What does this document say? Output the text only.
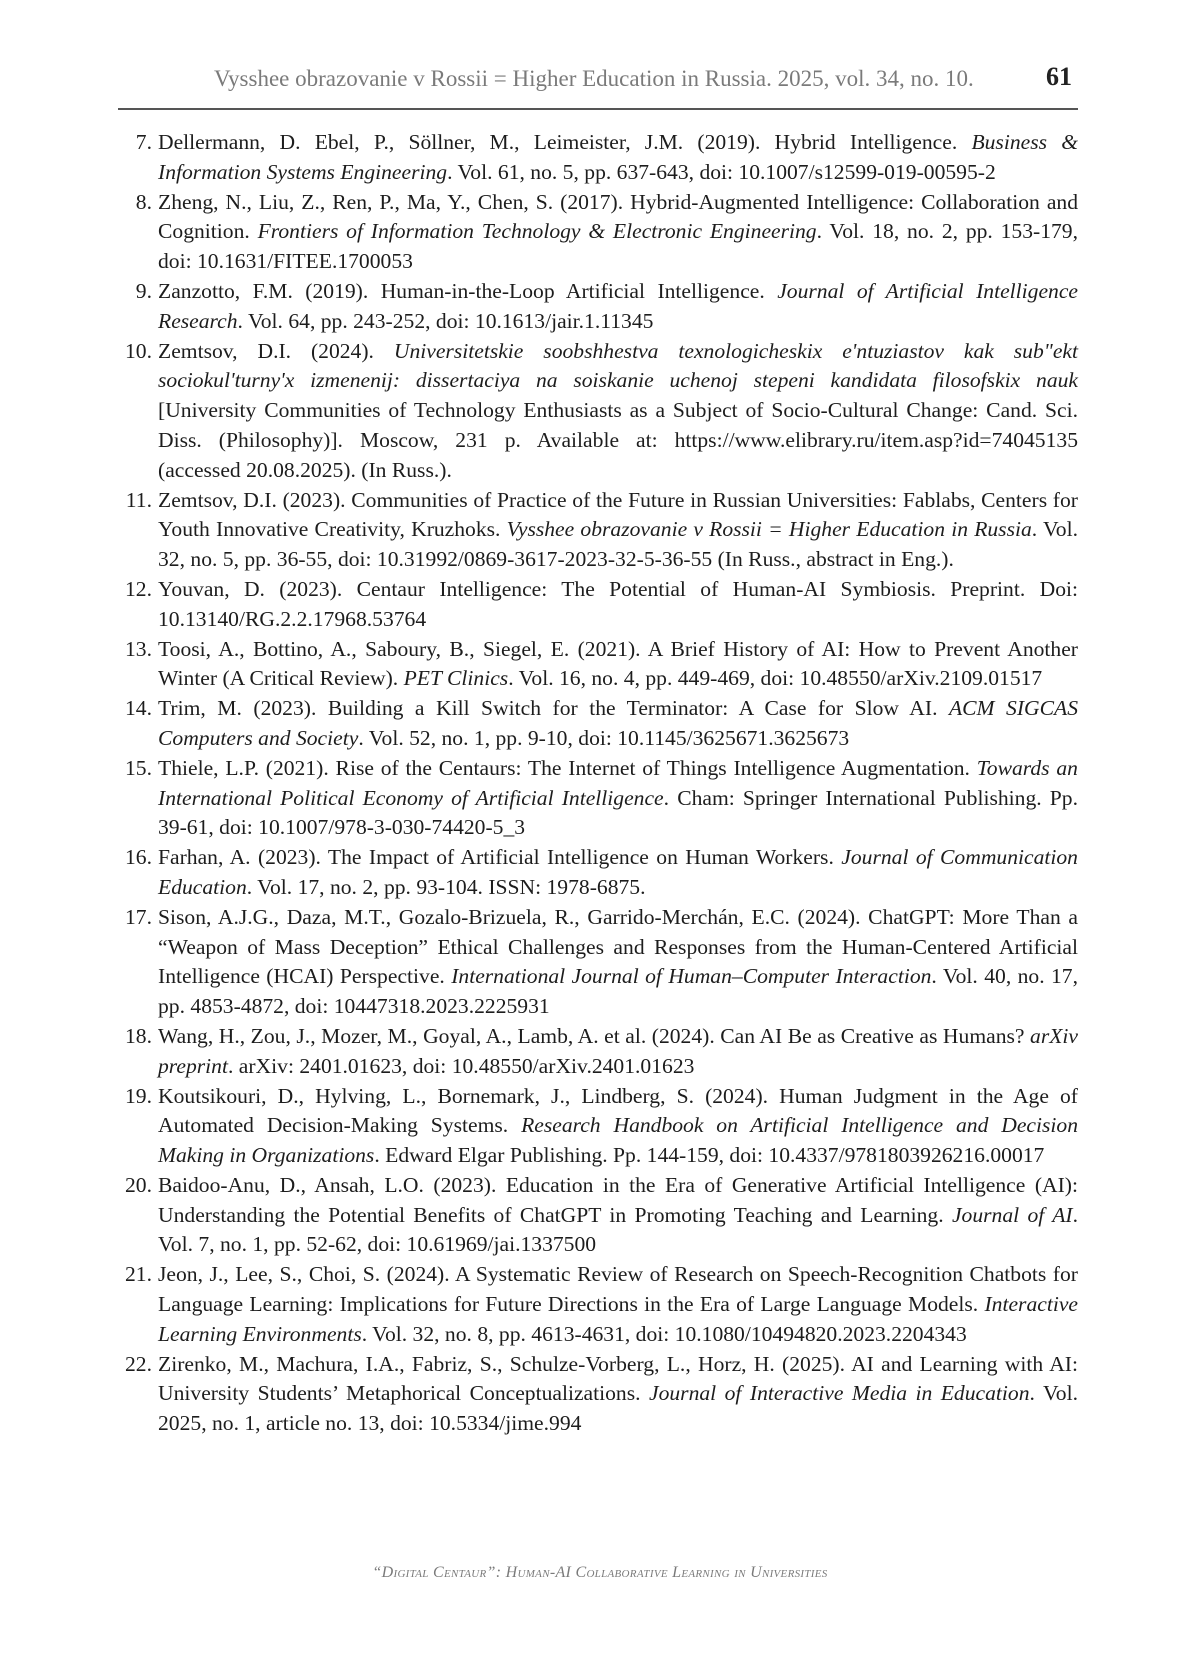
Vysshee obrazovanie v Rossii = Higher Education in Russia. 2025, vol. 34, no. 10.	61
7. Dellermann, D. Ebel, P., Söllner, M., Leimeister, J.M. (2019). Hybrid Intelligence. Business & Information Systems Engineering. Vol. 61, no. 5, pp. 637-643, doi: 10.1007/s12599-019-00595-2
8. Zheng, N., Liu, Z., Ren, P., Ma, Y., Chen, S. (2017). Hybrid-Augmented Intelligence: Collaboration and Cognition. Frontiers of Information Technology & Electronic Engineering. Vol. 18, no. 2, pp. 153-179, doi: 10.1631/FITEE.1700053
9. Zanzotto, F.M. (2019). Human-in-the-Loop Artificial Intelligence. Journal of Artificial Intelligence Research. Vol. 64, pp. 243-252, doi: 10.1613/jair.1.11345
10. Zemtsov, D.I. (2024). Universitetskie soobshhestva texnologicheskix e'ntuziastov kak sub"ekt sociokul'turny'x izmenenij: dissertaciya na soiskanie uchenoj stepeni kandidata filosofskix nauk [University Communities of Technology Enthusiasts as a Subject of Socio-Cultural Change: Cand. Sci. Diss. (Philosophy)]. Moscow, 231 p. Available at: https://www.elibrary.ru/item.asp?id=74045135 (accessed 20.08.2025). (In Russ.).
11. Zemtsov, D.I. (2023). Communities of Practice of the Future in Russian Universities: Fablabs, Centers for Youth Innovative Creativity, Kruzhoks. Vysshee obrazovanie v Rossii = Higher Education in Russia. Vol. 32, no. 5, pp. 36-55, doi: 10.31992/0869-3617-2023-32-5-36-55 (In Russ., abstract in Eng.).
12. Youvan, D. (2023). Centaur Intelligence: The Potential of Human-AI Symbiosis. Preprint. Doi: 10.13140/RG.2.2.17968.53764
13. Toosi, A., Bottino, A., Saboury, B., Siegel, E. (2021). A Brief History of AI: How to Prevent Another Winter (A Critical Review). PET Clinics. Vol. 16, no. 4, pp. 449-469, doi: 10.48550/arXiv.2109.01517
14. Trim, M. (2023). Building a Kill Switch for the Terminator: A Case for Slow AI. ACM SIGCAS Computers and Society. Vol. 52, no. 1, pp. 9-10, doi: 10.1145/3625671.3625673
15. Thiele, L.P. (2021). Rise of the Centaurs: The Internet of Things Intelligence Augmentation. Towards an International Political Economy of Artificial Intelligence. Cham: Springer International Publishing. Pp. 39-61, doi: 10.1007/978-3-030-74420-5_3
16. Farhan, A. (2023). The Impact of Artificial Intelligence on Human Workers. Journal of Communication Education. Vol. 17, no. 2, pp. 93-104. ISSN: 1978-6875.
17. Sison, A.J.G., Daza, M.T., Gozalo-Brizuela, R., Garrido-Merchán, E.C. (2024). ChatGPT: More Than a “Weapon of Mass Deception” Ethical Challenges and Responses from the Human-Centered Artificial Intelligence (HCAI) Perspective. International Journal of Human–Computer Interaction. Vol. 40, no. 17, pp. 4853-4872, doi: 10447318.2023.2225931
18. Wang, H., Zou, J., Mozer, M., Goyal, A., Lamb, A. et al. (2024). Can AI Be as Creative as Humans? arXiv preprint. arXiv: 2401.01623, doi: 10.48550/arXiv.2401.01623
19. Koutsikouri, D., Hylving, L., Bornemark, J., Lindberg, S. (2024). Human Judgment in the Age of Automated Decision-Making Systems. Research Handbook on Artificial Intelligence and Decision Making in Organizations. Edward Elgar Publishing. Pp. 144-159, doi: 10.4337/9781803926216.00017
20. Baidoo-Anu, D., Ansah, L.O. (2023). Education in the Era of Generative Artificial Intelligence (AI): Understanding the Potential Benefits of ChatGPT in Promoting Teaching and Learning. Journal of AI. Vol. 7, no. 1, pp. 52-62, doi: 10.61969/jai.1337500
21. Jeon, J., Lee, S., Choi, S. (2024). A Systematic Review of Research on Speech-Recognition Chatbots for Language Learning: Implications for Future Directions in the Era of Large Language Models. Interactive Learning Environments. Vol. 32, no. 8, pp. 4613-4631, doi: 10.1080/10494820.2023.2204343
22. Zirenko, M., Machura, I.A., Fabriz, S., Schulze-Vorberg, L., Horz, H. (2025). AI and Learning with AI: University Students’ Metaphorical Conceptualizations. Journal of Interactive Media in Education. Vol. 2025, no. 1, article no. 13, doi: 10.5334/jime.994
“Digital Centaur”: Human-AI Collaborative Learning in Universities
